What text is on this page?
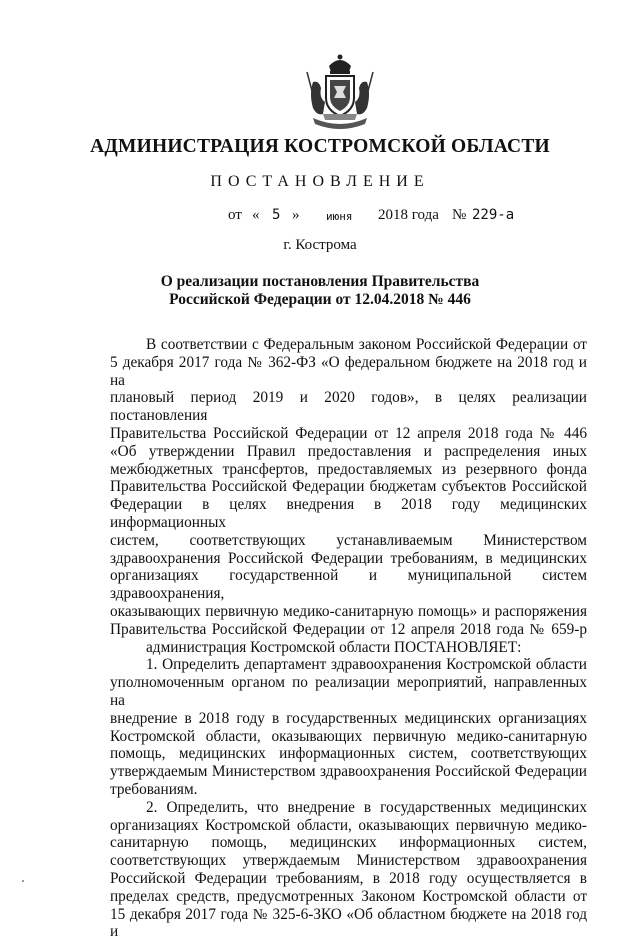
АДМИНИСТРАЦИЯ КОСТРОМСКОЙ ОБЛАСТИ
ПОСТАНОВЛЕНИЕ
от « 5 » июня 2018 года № 229-а
г. Кострома
О реализации постановления Правительства
Российской Федерации от 12.04.2018 № 446
В соответствии с Федеральным законом Российской Федерации от
5 декабря 2017 года № 362-ФЗ «О федеральном бюджете на 2018 год и на
плановый период 2019 и 2020 годов», в целях реализации постановления
Правительства Российской Федерации от 12 апреля 2018 года № 446
«Об утверждении Правил предоставления и распределения иных
межбюджетных трансфертов, предоставляемых из резервного фонда
Правительства Российской Федерации бюджетам субъектов Российской
Федерации в целях внедрения в 2018 году медицинских информационных
систем, соответствующих устанавливаемым Министерством
здравоохранения Российской Федерации требованиям, в медицинских
организациях государственной и муниципальной систем здравоохранения,
оказывающих первичную медико-санитарную помощь» и распоряжения
Правительства Российской Федерации от 12 апреля 2018 года № 659-р
администрация Костромской области ПОСТАНОВЛЯЕТ:
1. Определить департамент здравоохранения Костромской области
уполномоченным органом по реализации мероприятий, направленных на
внедрение в 2018 году в государственных медицинских организациях
Костромской области, оказывающих первичную медико-санитарную
помощь, медицинских информационных систем, соответствующих
утверждаемым Министерством здравоохранения Российской Федерации
требованиям.
2. Определить, что внедрение в государственных медицинских
организациях Костромской области, оказывающих первичную медико-
санитарную помощь, медицинских информационных систем,
соответствующих утверждаемым Министерством здравоохранения
Российской Федерации требованиям, в 2018 году осуществляется в
пределах средств, предусмотренных Законом Костромской области от
15 декабря 2017 года № 325-6-ЗКО «Об областном бюджете на 2018 год и
